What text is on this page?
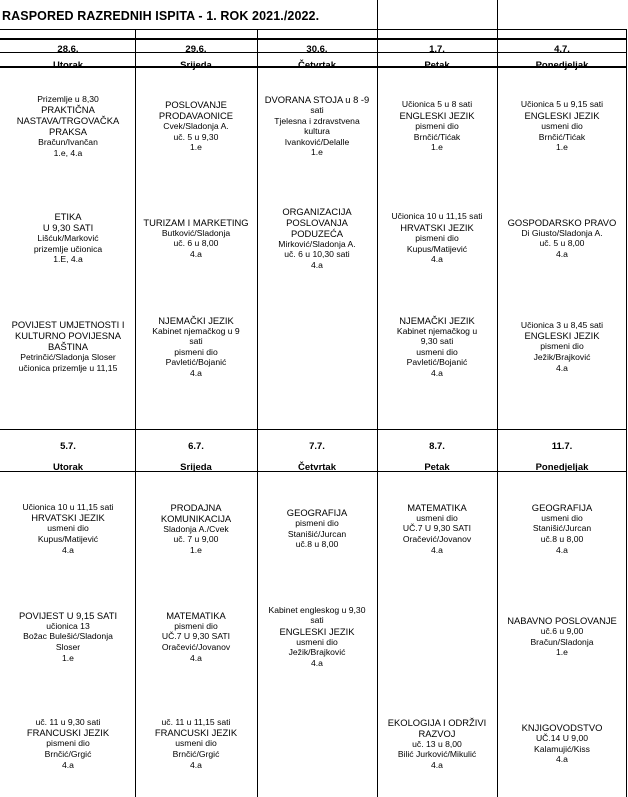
RASPORED RAZREDNIH ISPITA - 1. ROK 2021./2022.
28.6.
Utorak
29.6.
Srijeda
30.6.
Četvrtak
1.7.
Petak
4.7.
Ponedjeljak
Prizemlje u 8,30
PRAKTIČNA
NASTAVA/TRGOVAČKA
PRAKSA
Bračun/Ivančan
1.e, 4.a
POSLOVANJE
PRODAVAONICE
Cvek/Sladonja A.
uč. 5 u 9,30
1.e
DVORANA STOJA u 8 -9
sati
Tjelesna i zdravstvena
kultura
Ivanković/Delalle
1.e
Učionica 5 u 8 sati
ENGLESKI JEZIK
pismeni dio
Brnčić/Tićak
1.e
Učionica 5 u 9,15 sati
ENGLESKI JEZIK
usmeni dio
Brnčić/Tićak
1.e
ETIKA
U 9,30 SATI
Lišćuk/Marković
prizemlje učionica
1.E, 4.a
TURIZAM I MARKETING
Butković/Sladonja
uč. 6 u 8,00
4.a
ORGANIZACIJA
POSLOVANJA
PODUZEĆA
Mirković/Sladonja A.
uč. 6 u 10,30 sati
4.a
Učionica 10 u 11,15 sati
HRVATSKI JEZIK
pismeni dio
Kupus/Matijević
4.a
GOSPODARSKO PRAVO
Di Giusto/Sladonja A.
uč. 5 u 8,00
4.a
POVIJEST UMJETNOSTI I
KULTURNO POVIJESNA
BAŠTINA
Petrinčić/Sladonja Sloser
učionica prizemlje u 11,15
NJEMAČKI JEZIK
Kabinet njemačkog u 9
sati
pismeni dio
Pavletić/Bojanić
4.a
NJEMAČKI JEZIK
Kabinet njemačkog u
9,30 sati
usmeni dio
Pavletić/Bojanić
4.a
Učionica 3 u 8,45 sati
ENGLESKI JEZIK
pismeni dio
Ježik/Brajković
4.a
5.7.
Utorak
6.7.
Srijeda
7.7.
Četvrtak
8.7.
Petak
11.7.
Ponedjeljak
Učionica 10 u 11,15 sati
HRVATSKI JEZIK
usmeni dio
Kupus/Matijević
4.a
PRODAJNA
KOMUNIKACIJA
Sladonja A./Cvek
uč. 7 u 9,00
1.e
GEOGRAFIJA
pismeni dio
Stanišić/Jurcan
uč.8 u 8,00
MATEMATIKA
usmeni dio
UČ.7 U 9,30 SATI
Oračević/Jovanov
4.a
GEOGRAFIJA
usmeni dio
Stanišić/Jurcan
uč.8 u 8,00
4.a
POVIJEST U 9,15 SATI
učionica 13
Božac Bulešić/Sladonja
Sloser
1.e
MATEMATIKA
pismeni dio
UČ.7 U 9,30 SATI
Oračević/Jovanov
4.a
Kabinet engleskog u 9,30
sati
ENGLESKI JEZIK
usmeni dio
Ježik/Brajković
4.a
NABAVNO POSLOVANJE
uč.6 u 9,00
Bračun/Sladonja
1.e
uč. 11 u 9,30 sati
FRANCUSKI JEZIK
pismeni dio
Brnčić/Grgić
4.a
uč. 11 u 11,15 sati
FRANCUSKI JEZIK
usmeni dio
Brnčić/Grgić
4.a
EKOLOGIJA I ODRŽIVI
RAZVOJ
uč. 13 u 8,00
Bilić Jurković/Mikulić
4.a
KNJIGOVODSTVO
UČ.14 U 9,00
Kalamujić/Kiss
4.a
